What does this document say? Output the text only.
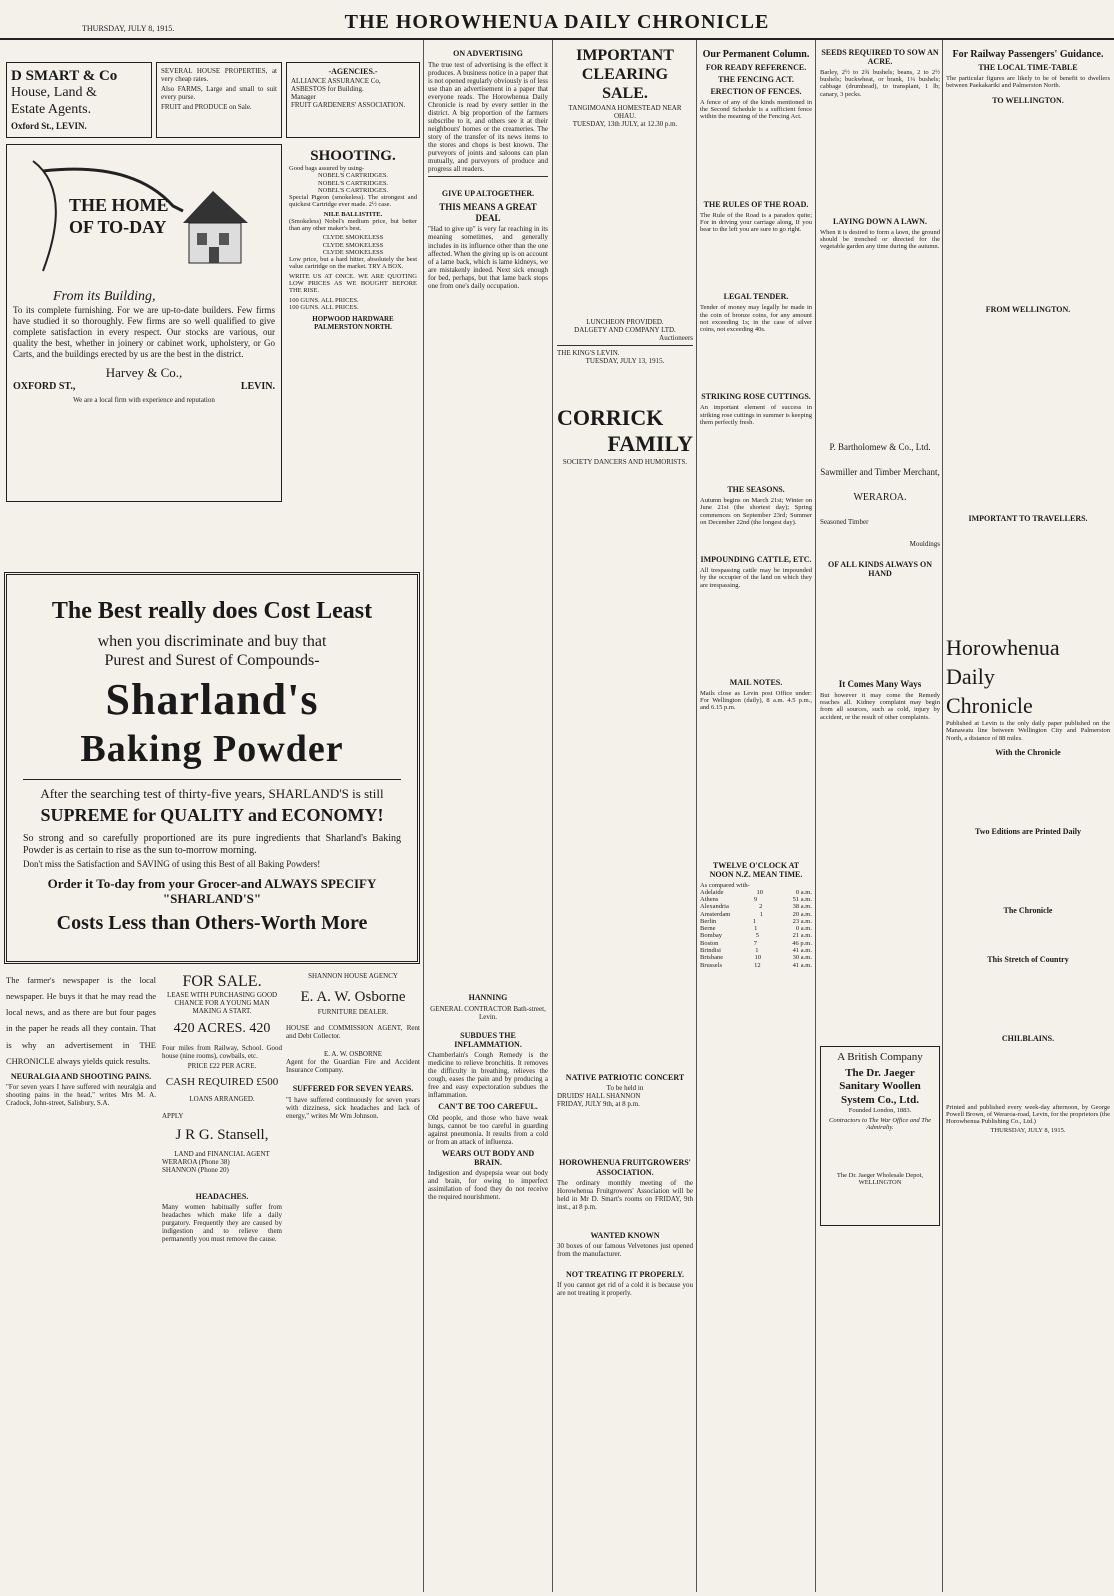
THURSDAY, JULY 8, 1915.	THE HOROWHENUA DAILY CHRONICLE
D SMART & Co
House, Land &
Estate Agents.
Oxford St., LEVIN.

SEVERAL HOUSE PROPERTIES, at very cheap rates.

Also FARMS, Large and small to suit every purse.

FRUIT and PRODUCE on Sale.

-AGENCIES.-
ALLIANCE ASSURANCE Co,
ASBESTOS for Building.
Manager
FRUIT GARDENERS' ASSOCIATION.
THE HOME
OF TO-DAY
From its Building,

To its complete furnishing. For we are up-to-date builders. Few firms have studied it so thoroughly. Few firms are so well qualified to give complete satisfaction in every respect. Our stocks are various, our quality the best, whether in joinery or cabinet work, upholstery, or Go Carts, and the buildings erected by us are the best in the district.

Harvey & Co.,
OXFORD ST.,	LEVIN.
We are a local firm with experience and reputation
SHOOTING.
Good bags assured by using-
NOBEL'S CARTRIDGES.
NOBEL'S CARTRIDGES.
NOBEL'S CARTRIDGES.

Special Pigeon (smokeless). The strongest and quickest Cartridge ever made. 2½ case.

NILE BALLISTITE.

(Smokeless) Nobel's medium price, but better than any other maker's best.

CLYDE SMOKELESS
CLYDE SMOKELESS
CLYDE SMOKELESS

Low price, but a hard hitter, absolutely the best value cartridge on the market. TRY A BOX.

WRITE US AT ONCE. WE ARE QUOTING LOW PRICES AS WE BOUGHT BEFORE THE RISE.

100 GUNS. ALL PRICES.
100 GUNS. ALL PRICES.
HOPWOOD HARDWARE
PALMERSTON NORTH.
The Best really does Cost Least
when you discriminate and buy that
Purest and Surest of Compounds-
Sharland's
Baking Powder
After the searching test of thirty-five years, SHARLAND'S is still
SUPREME for QUALITY and ECONOMY!

So strong and so carefully proportioned are its pure ingredients that Sharland's Baking Powder is as certain to rise as the sun to-morrow morning.

Don't miss the Satisfaction and SAVING of using this Best of all Baking Powders!

Order it To-day from your Grocer-and ALWAYS SPECIFY "SHARLAND'S"
Costs Less than Others-Worth More

The farmer's newspaper is the local newspaper. He buys it that he may read the local news, and as there are but four pages in the paper he reads all they contain. That is why an advertisement in THE CHRONICLE always yields quick results.

NEURALGIA AND SHOOTING PAINS.

"For seven years I have suffered with neuralgia and shooting pains in the head," writes Mrs M. A. Cradock, John-street, Salisbury, S.A.

FOR SALE.

LEASE WITH PURCHASING GOOD CHANCE FOR A YOUNG MAN MAKING A START.

420 ACRES. 420

Four miles from Railway, School. Good house (nine rooms), cowbails, etc.

PRICE £22 PER ACRE.
CASH REQUIRED £500
LOANS ARRANGED.
APPLY
J R G. Stansell,
LAND and FINANCIAL AGENT
WERAROA (Phone 38)
SHANNON (Phone 20)
HEADACHES.

Many women habitually suffer from headaches which make life a daily purgatory. Frequently they are caused by indigestion and to relieve them permanently you must remove the cause.

SHANNON HOUSE AGENCY
E. A. W. Osborne
FURNITURE DEALER.

HOUSE and COMMISSION AGENT, Rent and Debt Collector.

E. A. W. OSBORNE

Agent for the Guardian Fire and Accident Insurance Company.

SUFFERED FOR SEVEN YEARS.

"I have suffered continuously for seven years with dizziness, sick headaches and lack of energy," writes Mr Wm Johnson.

ON ADVERTISING

The true test of advertising is the effect it produces. A business notice in a paper that is not opened regularly obviously is of less use than an advertisement in a paper that everyone reads. The Horowhenua Daily Chronicle is read by every settler in the district. A big proportion of the farmers subscribe to it, and others see it at their neighbours' homes or the creameries. The story of the transfer of its news items to the stores and chops is best known. The purveyors of joints and saloons can plan mutually, and purveyors of produce and progress all readers.

GIVE UP ALTOGETHER.
THIS MEANS A GREAT DEAL

"Had to give up" is very far reaching in its meaning sometimes, and generally includes in its influence other than the one affected. When the giving up is on account of a lame back, which is lame kidneys, we are mistakenly indeed. Next sick enough for bed, perhaps, but that lame back stops one from one's daily occupation.

HANNING
GENERAL CONTRACTOR Bath-street, Levin.
SUBDUES THE INFLAMMATION.

Chamberlain's Cough Remedy is the medicine to relieve bronchitis. It removes the difficulty in breathing, relieves the cough, eases the pain and by producing a free and easy expectoration subdues the inflammation.

CAN'T BE TOO CAREFUL.

Old people, and those who have weak lungs, cannot be too careful in guarding against pneumonia. It results from a cold or from an attack of influenza.

WEARS OUT BODY AND BRAIN.

Indigestion and dyspepsia wear out body and brain, for owing to imperfect assimilation of food they do not receive the required nourishment.

IMPORTANT CLEARING SALE.
TANGIMOANA HOMESTEAD NEAR OHAU.
TUESDAY, 13th JULY, at 12.30 p.m.
LUNCHEON PROVIDED.
DALGETY AND COMPANY LTD.
Auctioneers
THE KING'S LEVIN.
TUESDAY, JULY 13, 1915.
CORRICK
FAMILY
SOCIETY DANCERS AND HUMORISTS.
NATIVE PATRIOTIC CONCERT
To be held in
DRUIDS' HALL SHANNON
FRIDAY, JULY 9th, at 8 p.m.
HOROWHENUA FRUITGROWERS' ASSOCIATION.

The ordinary monthly meeting of the Horowhenua Fruitgrowers' Association will be held in Mr D. Smart's rooms on FRIDAY, 9th inst., at 8 p.m.

WANTED KNOWN

30 boxes of our famous Velvetones just opened from the manufacturer.

NOT TREATING IT PROPERLY.

If you cannot get rid of a cold it is because you are not treating it properly.

Our Permanent Column.
FOR READY REFERENCE.
THE FENCING ACT.
ERECTION OF FENCES.

A fence of any of the kinds mentioned in the Second Schedule is a sufficient fence within the meaning of the Fencing Act.

THE RULES OF THE ROAD.

The Rule of the Road is a paradox quite; For in driving your carriage along, If you bear to the left you are sure to go right.

LEGAL TENDER.

Tender of money may legally be made in the coin of bronze coins, for any amount not exceeding 1s; in the case of silver coins, not exceeding 40s.

STRIKING ROSE CUTTINGS.

An important element of success in striking rose cuttings in summer is keeping them perfectly fresh.

THE SEASONS.

Autumn begins on March 21st; Winter on June 21st (the shortest day); Spring commences on September 23rd; Summer on December 22nd (the longest day).

IMPOUNDING CATTLE, ETC.

All trespassing cattle may be impounded by the occupier of the land on which they are trespassing.

MAIL NOTES.

Mails close as Levin post Office under: For Wellington (daily), 8 a.m. 4.5 p.m., and 6.15 p.m.

TWELVE O'CLOCK AT NOON N.Z. MEAN TIME.
As compared with-
Adelaide	10	0 a.m.
Athens	9	51 a.m.
Alexandria	2	38 a.m.
Amsterdam	1	20 a.m.
Berlin	1	23 a.m.
Berne	1	0 a.m.
Bombay	5	21 a.m.
Boston	7	46 p.m.
Brindisi	1	41 a.m.
Brisbane	10	30 a.m.
Brussels	12	41 a.m.
SEEDS REQUIRED TO SOW AN ACRE.

Barley, 2½ to 2¾ bushels; beans, 2 to 2½ bushels; buckwheat, or brank, 1¼ bushels; cabbage (drumhead), to transplant, 1 lb; canary, 3 pecks.

LAYING DOWN A LAWN.

When it is desired to form a lawn, the ground should be trenched or directed for the vegetable garden any time during the autumn.

P. Bartholomew & Co., Ltd.
Sawmiller and Timber Merchant,
WERAROA.
Seasoned Timber
Mouldings
OF ALL KINDS ALWAYS ON HAND
It Comes Many Ways

But however it may come the Remedy reaches all. Kidney complaint may begin from all sources, such as cold, injury by accident, or the result of other complaints.

A British Company
The Dr. Jaeger Sanitary Woollen System Co., Ltd.
Founded London, 1883.
Contractors to The War Office and The Admiralty.
The Dr. Jaeger Wholesale Depot, WELLINGTON
For Railway Passengers' Guidance.
THE LOCAL TIME-TABLE

The particular figures are likely to be of benefit to dwellers between Paekakariki and Palmerston North.

TO WELLINGTON.
FROM WELLINGTON.
IMPORTANT TO TRAVELLERS.
Horowhenua
Daily
Chronicle

Published at Levin is the only daily paper published on the Manawatu line between Wellington City and Palmerston North, a distance of 88 miles.

With the Chronicle
Two Editions are Printed Daily
The Chronicle
This Stretch of Country
CHILBLAINS.

Printed and published every week-day afternoon, by George Powell Brown, of Weraroa-road, Levin, for the proprietors (the Horowhenua Publishing Co., Ltd.)

THURSDAY, JULY 8, 1915.
